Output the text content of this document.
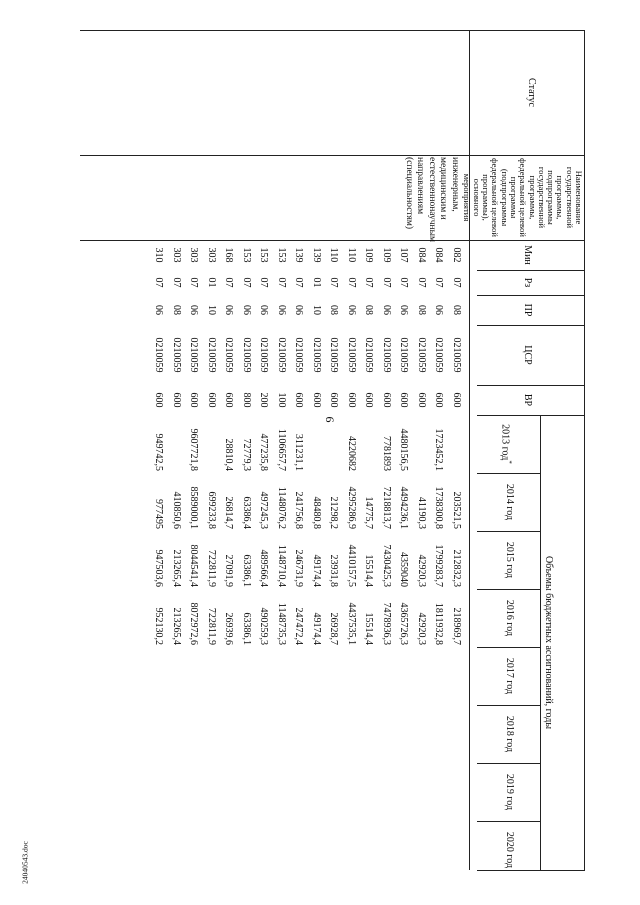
9
24040543.doc
Статус
Наименование
государственной
программы,
подпрограммы
государственной
программы,
федеральной целевой
программы
(подпрограммы
федеральной целевой
программы), основного
мероприятия
Мин
Рз
ПР
ЦСР
ВР
Объемы бюджетных ассигнований, годы
2013 год*
2014 год
2015 год
2016 год
2017 год
2018 год
2019 год
2020 год
инженерным,
медицинским и
естественнонаучным
направлениям
(специальностям)
082
07
08
0210059
600
203521,5
212832,3
218969,7
084
07
06
0210059
600
1723452,1
1738300,8
1799283,7
1811932,8
084
07
08
0210059
600
41190,3
42920,3
42920,3
107
07
06
0210059
600
4480156,5
4494236,1
4359040
4365726,3
109
07
06
0210059
600
7781893
7218813,7
7430425,3
7478936,3
109
07
08
0210059
600
14775,7
15514,4
15514,4
110
07
06
0210059
600
4220682
4295286,9
4410157,5
4437535,1
110
07
08
0210059
600
21298,2
23931,8
26928,7
139
01
10
0210059
600
48480,8
49174,4
49174,4
139
07
06
0210059
600
311231,1
241756,8
246731,9
247472,4
153
07
06
0210059
100
1106657,7
1148076,2
1148710,4
1148735,3
153
07
06
0210059
200
477235,8
497245,3
489566,4
490259,3
153
07
06
0210059
800
72779,3
63386,4
63386,1
63386,1
168
07
06
0210059
600
28810,4
26814,7
27091,9
26939,6
303
01
10
0210059
600
699233,8
722811,9
722811,9
303
07
06
0210059
600
9607721,8
8589000,1
8044541,4
8072972,6
303
07
08
0210059
600
410850,6
213265,4
213265,4
310
07
06
0210059
600
949742,5
977495
947503,6
952130,2
